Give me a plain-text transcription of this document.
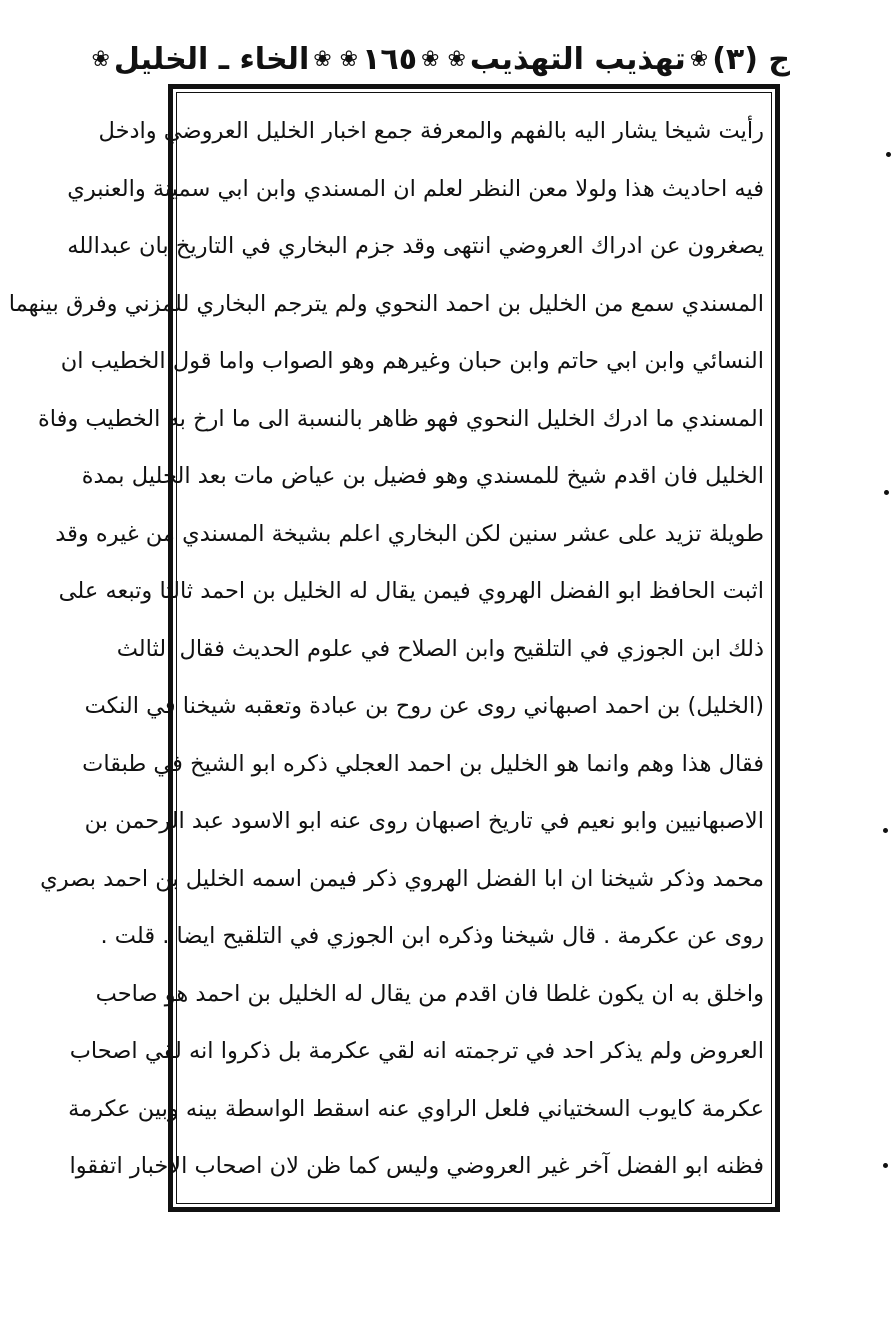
ج (٣)
❀
تهذيب التهذيب
❀
❀
١٦٥
❀
❀
الخاء ـ الخليل
❀
رأيت شيخا يشار اليه بالفهم والمعرفة جمع اخبار الخليل العروضي وادخل
فيه احاديث هذا ولولا معن النظر لعلم ان المسندي وابن ابي سمينة والعنبري
يصغرون عن ادراك العروضي انتهى وقد جزم البخاري في التاريخ بان عبدالله
المسندي سمع من الخليل بن احمد النحوي ولم يترجم البخاري للمزني وفرق بينهما
النسائي وابن ابي حاتم وابن حبان وغيرهم وهو الصواب واما قول الخطيب ان
المسندي ما ادرك الخليل النحوي فهو ظاهر بالنسبة الى ما ارخ به الخطيب وفاة
الخليل فان اقدم شيخ للمسندي وهو فضيل بن عياض مات بعد الخليل بمدة
طويلة تزيد على عشر سنين لكن البخاري اعلم بشيخة المسندي من غيره وقد
اثبت الحافظ ابو الفضل الهروي فيمن يقال له الخليل بن احمد ثالثا وتبعه على
ذلك ابن الجوزي في التلقيح وابن الصلاح في علوم الحديث فقال الثالث
(الخليل) بن احمد اصبهاني روى عن روح بن عبادة وتعقبه شيخنا في النكت
فقال هذا وهم وانما هو الخليل بن احمد العجلي ذكره ابو الشيخ في طبقات
الاصبهانيين وابو نعيم في تاريخ اصبهان روى عنه ابو الاسود عبد الرحمن بن
محمد وذكر شيخنا ان ابا الفضل الهروي ذكر فيمن اسمه الخليل بن احمد بصري
روى عن عكرمة . قال شيخنا وذكره ابن الجوزي في التلقيح ايضا . قلت .
واخلق به ان يكون غلطا فان اقدم من يقال له الخليل بن احمد هو صاحب
العروض ولم يذكر احد في ترجمته انه لقي عكرمة بل ذكروا انه لقي اصحاب
عكرمة كايوب السختياني فلعل الراوي عنه اسقط الواسطة بينه وبين عكرمة
فظنه ابو الفضل آخر غير العروضي وليس كما ظن لان اصحاب الاخبار اتفقوا
